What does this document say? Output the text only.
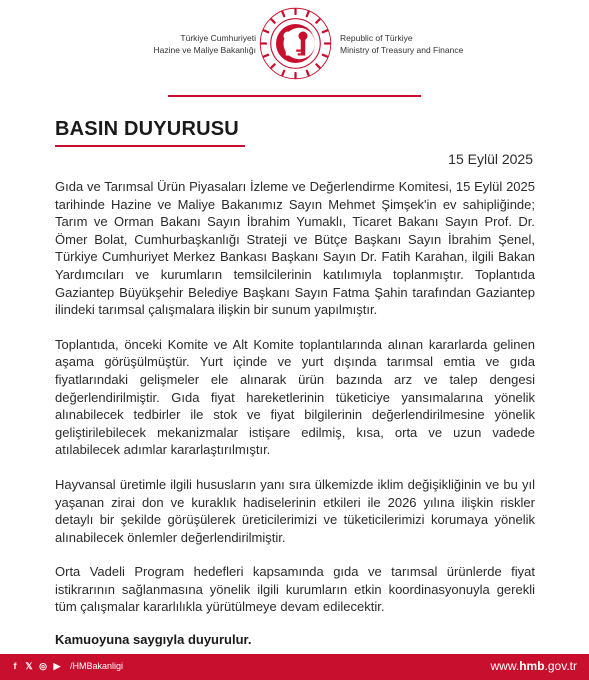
Türkiye Cumhuriyeti
Hazine ve Maliye Bakanlığı
Republic of Türkiye
Ministry of Treasury and Finance
BASIN DUYURUSU
15 Eylül 2025

Gıda ve Tarımsal Ürün Piyasaları İzleme ve Değerlendirme Komitesi, 15 Eylül 2025 tarihinde Hazine ve Maliye Bakanımız Sayın Mehmet Şimşek'in ev sahipliğinde; Tarım ve Orman Bakanı Sayın İbrahim Yumaklı, Ticaret Bakanı Sayın Prof. Dr. Ömer Bolat, Cumhurbaşkanlığı Strateji ve Bütçe Başkanı Sayın İbrahim Şenel, Türkiye Cumhuriyet Merkez Bankası Başkanı Sayın Dr. Fatih Karahan, ilgili Bakan Yardımcıları ve kurumların temsilcilerinin katılımıyla toplanmıştır. Toplantıda Gaziantep Büyükşehir Belediye Başkanı Sayın Fatma Şahin tarafından Gaziantep ilindeki tarımsal çalışmalara ilişkin bir sunum yapılmıştır.

Toplantıda, önceki Komite ve Alt Komite toplantılarında alınan kararlarda gelinen aşama görüşülmüştür. Yurt içinde ve yurt dışında tarımsal emtia ve gıda fiyatlarındaki gelişmeler ele alınarak ürün bazında arz ve talep dengesi değerlendirilmiştir. Gıda fiyat hareketlerinin tüketiciye yansımalarına yönelik alınabilecek tedbirler ile stok ve fiyat bilgilerinin değerlendirilmesine yönelik geliştirilebilecek mekanizmalar istişare edilmiş, kısa, orta ve uzun vadede atılabilecek adımlar kararlaştırılmıştır.

Hayvansal üretimle ilgili hususların yanı sıra ülkemizde iklim değişikliğinin ve bu yıl yaşanan zirai don ve kuraklık hadiselerinin etkileri ile 2026 yılına ilişkin riskler detaylı bir şekilde görüşülerek üreticilerimizi ve tüketicilerimizi korumaya yönelik alınabilecek önlemler değerlendirilmiştir.

Orta Vadeli Program hedefleri kapsamında gıda ve tarımsal ürünlerde fiyat istikrarının sağlanmasına yönelik ilgili kurumların etkin koordinasyonuyla gerekli tüm çalışmalar kararlılıkla yürütülmeye devam edilecektir.

Kamuoyuna saygıyla duyurulur.

f 𝕏 ◎ ▶ /HMBakanligi	www.hmb.gov.tr
